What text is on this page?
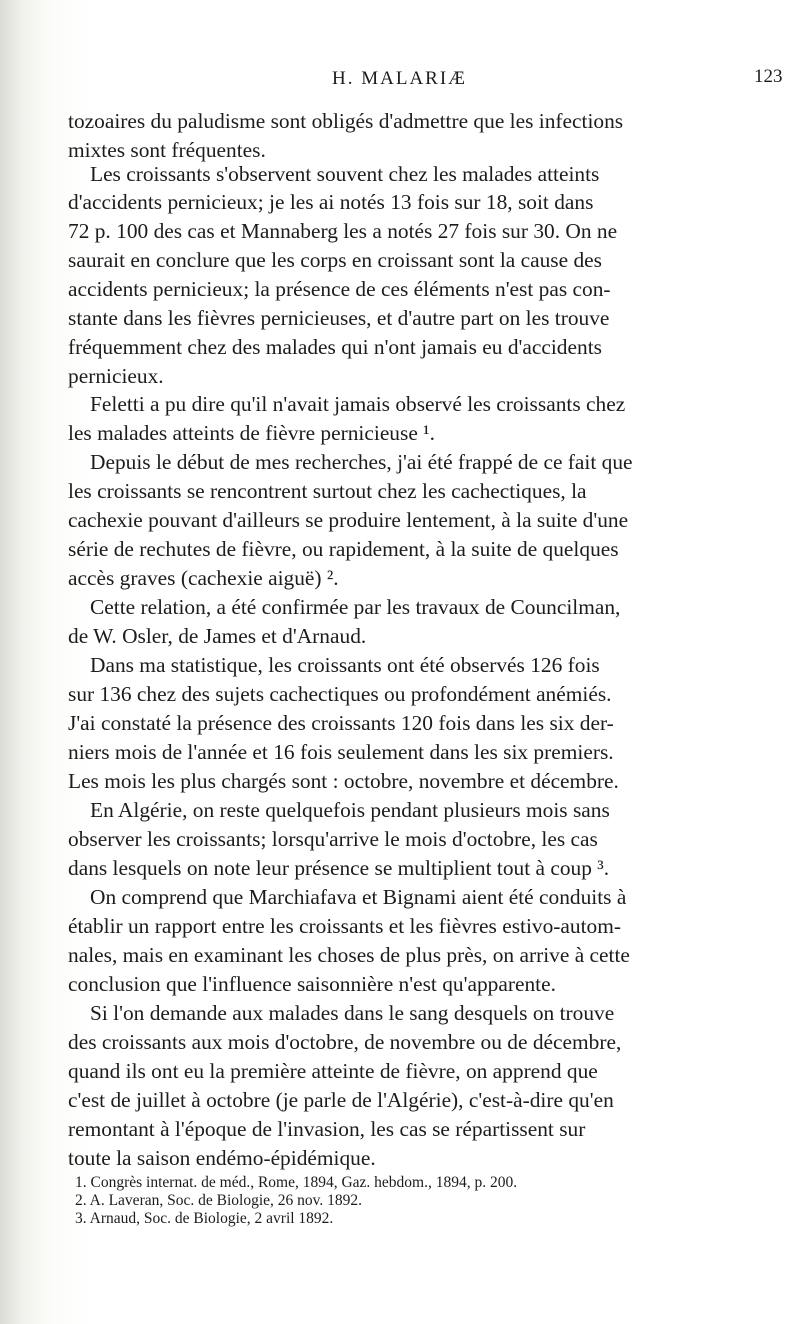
H. MALARIÆ	123
tozoaires du paludisme sont obligés d'admettre que les infections
mixtes sont fréquentes.
Les croissants s'observent souvent chez les malades atteints
d'accidents pernicieux; je les ai notés 13 fois sur 18, soit dans
72 p. 100 des cas et Mannaberg les a notés 27 fois sur 30. On ne
saurait en conclure que les corps en croissant sont la cause des
accidents pernicieux; la présence de ces éléments n'est pas con-
stante dans les fièvres pernicieuses, et d'autre part on les trouve
fréquemment chez des malades qui n'ont jamais eu d'accidents
pernicieux.
Feletti a pu dire qu'il n'avait jamais observé les croissants chez
les malades atteints de fièvre pernicieuse ¹.
Depuis le début de mes recherches, j'ai été frappé de ce fait que
les croissants se rencontrent surtout chez les cachectiques, la
cachexie pouvant d'ailleurs se produire lentement, à la suite d'une
série de rechutes de fièvre, ou rapidement, à la suite de quelques
accès graves (cachexie aiguë) ².
Cette relation, a été confirmée par les travaux de Councilman,
de W. Osler, de James et d'Arnaud.
Dans ma statistique, les croissants ont été observés 126 fois
sur 136 chez des sujets cachectiques ou profondément anémiés.
J'ai constaté la présence des croissants 120 fois dans les six der-
niers mois de l'année et 16 fois seulement dans les six premiers.
Les mois les plus chargés sont : octobre, novembre et décembre.
En Algérie, on reste quelquefois pendant plusieurs mois sans
observer les croissants; lorsqu'arrive le mois d'octobre, les cas
dans lesquels on note leur présence se multiplient tout à coup ³.
On comprend que Marchiafava et Bignami aient été conduits à
établir un rapport entre les croissants et les fièvres estivo-autom-
nales, mais en examinant les choses de plus près, on arrive à cette
conclusion que l'influence saisonnière n'est qu'apparente.
Si l'on demande aux malades dans le sang desquels on trouve
des croissants aux mois d'octobre, de novembre ou de décembre,
quand ils ont eu la première atteinte de fièvre, on apprend que
c'est de juillet à octobre (je parle de l'Algérie), c'est-à-dire qu'en
remontant à l'époque de l'invasion, les cas se répartissent sur
toute la saison endémo-épidémique.
1. Congrès internat. de méd., Rome, 1894, Gaz. hebdom., 1894, p. 200.
2. A. Laveran, Soc. de Biologie, 26 nov. 1892.
3. Arnaud, Soc. de Biologie, 2 avril 1892.
